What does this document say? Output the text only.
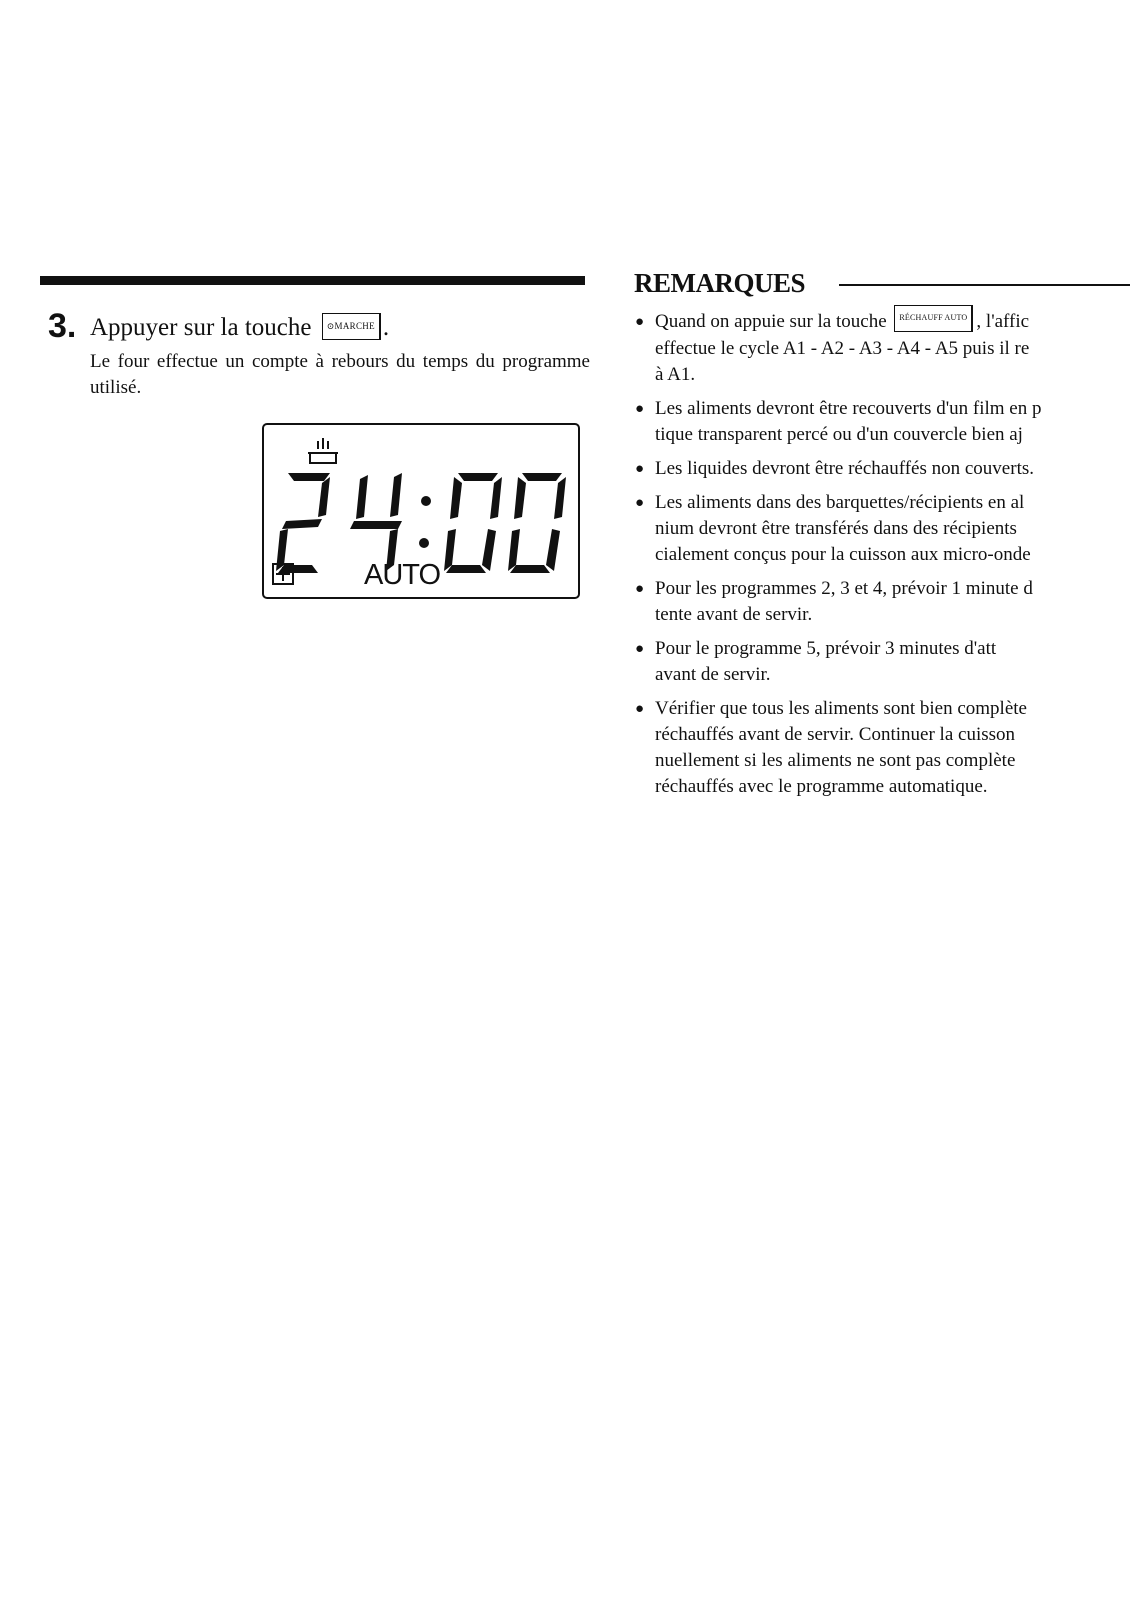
3. Appuyer sur la touche ⊙MARCHE .
Le four effectue un compte à rebours du temps du programme utilisé.
AUTO
REMARQUES
● Quand on appuie sur la touche RÉCHAUFF AUTO , l'affic
effectue le cycle A1 - A2 - A3 - A4 - A5 puis il re
à A1.
● Les aliments devront être recouverts d'un film en p
tique transparent percé ou d'un couvercle bien aj
● Les liquides devront être réchauffés non couverts.
● Les aliments dans des barquettes/récipients en al
nium devront être transférés dans des récipients
cialement conçus pour la cuisson aux micro-onde
● Pour les programmes 2, 3 et 4, prévoir 1 minute d
tente avant de servir.
● Pour le programme 5, prévoir 3 minutes d'att
avant de servir.
● Vérifier que tous les aliments sont bien complète
réchauffés avant de servir. Continuer la cuisson
nuellement si les aliments ne sont pas complète
réchauffés avec le programme automatique.
